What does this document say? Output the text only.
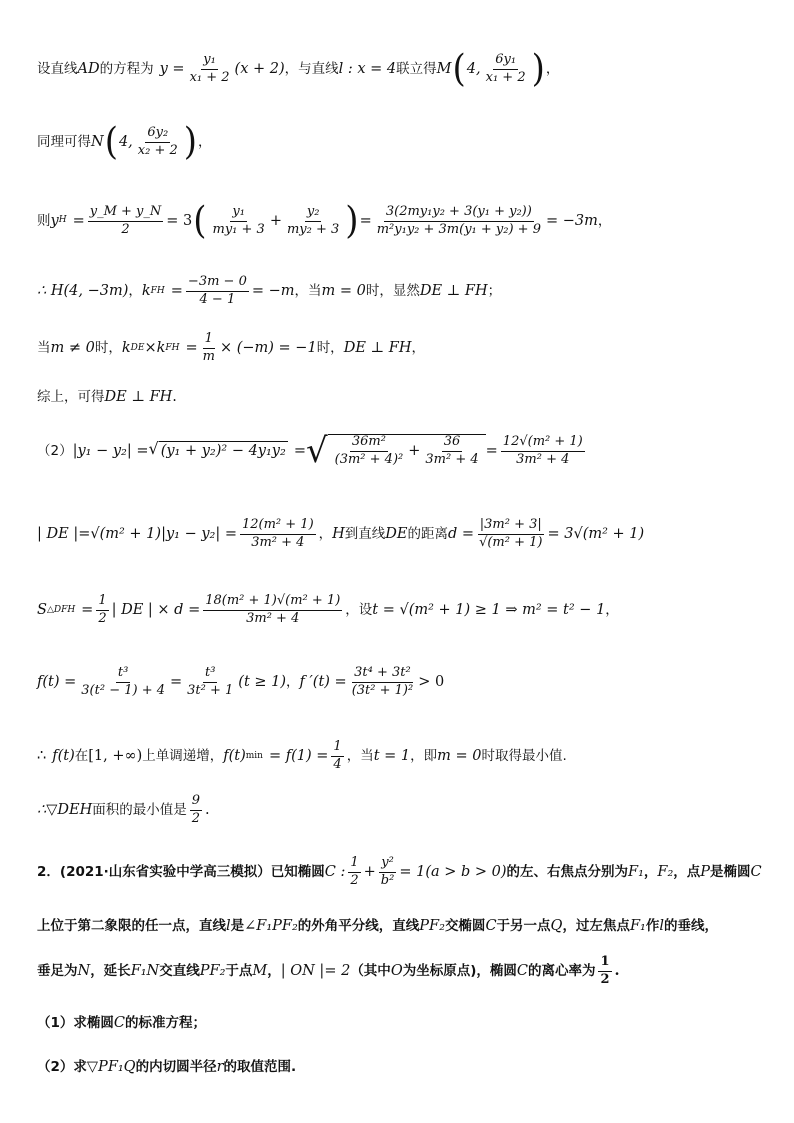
设直线 AD 的方程为 $y = \frac{\text{y₁}}{\text{x₁ + 2}} (x + 2)$ ，与直线 l : x = 4 联立得 M ( 4, $\frac{\text{6y₁}}{\text{x₁ + 2}}$ ) ，
同理可得 N ( 4, $\frac{\text{6y₂}}{\text{x₂ + 2}}$ ) ，
则 y $H = \frac{y\_M + y\_N}{2} = 3$ ( $\frac{\text{y₁}}{\text{my₁ + 3}} + \frac{\text{y₂}}{\text{my₂ + 3}}$ ) = $\frac{\text{3(2my₁y₂ + 3(y₁ + y₂))}}{\text{m²y₁y₂ + 3m(y₁ + y₂) + 9}} = -3m$ ，
∴ H(4, −3m) ， k FH = $\frac{-3m - 0}{4 - 1} = -m$ ，当 m = 0 时，显然 DE ⊥ FH ；
当 m ≠ 0 时， k DE × k FH = $\frac{1}{m} \times (-m) = -1$ 时， DE ⊥ FH ，
综上，可得 DE ⊥ FH .
（2） |y₁ − y₂| = √ (y₁ + y₂)² − 4y₁y₂ = √ $\frac{\text{36m²}}{\text{(3m² + 4)²}} + \frac{36}{\text{3m² + 4}} = \frac{\text{12√(m² + 1)}}{\text{3m² + 4}}$
| DE |= √(m² + 1) $|y_1 - y_2| = \frac{\text{12(m² + 1)}}{\text{3m² + 4}}$ ， H 到直线 DE 的距离 $d = \frac{\text{|3m² + 3|}}{\text{√(m² + 1)}} = 3√(m^2 + 1)$
S △DFH = $\frac{1}{2}$ | DE | × $d = \frac{\text{18(m² + 1)√(m² + 1)}}{\text{3m² + 4}}$ ，设 t = √(m² + 1) ≥ 1 ⇒ m² = t² − 1 ，
$f(t) = \frac{\text{t³}}{\text{3(t² − 1) + 4}} = \frac{\text{t³}}{\text{3t² + 1}} (t \ge 1)$ ， f $'(t) = \frac{\text{3t⁴ + 3t²}}{\text{(3t² + 1)²}} > 0$
∴ f(t) 在 [1, +∞) 上单调递增， f(t) $\min = f(1) = \frac{1}{4}$ ，当 t = 1 ，即 m = 0 时取得最小值.
∴▽DEH 面积的最小值是 $\frac{9}{2}$ .
2．(2021·山东省实验中学高三模拟）已知椭圆 C : $\frac{1}{2} + \frac{\text{y²}}{\text{b²}} = 1(a > b > 0)$ 的左、右焦点分别为 F₁ ， F₂ ，点 P 是椭圆 C
上位于第二象限的任一点，直线 l 是 ∠F₁PF₂ 的外角平分线，直线 PF₂ 交椭圆 C 于另一点 Q ，过左焦点 F₁ 作 l 的垂线，
垂足为 N ，延长 F₁N 交直线 PF₂ 于点 M ， | ON |= 2 （其中 O 为坐标原点)，椭圆 C 的离心率为 $\frac{1}{2}$ .
（1）求椭圆 C 的标准方程；
（2）求 ▽PF₁Q 的内切圆半径 r 的取值范围.
